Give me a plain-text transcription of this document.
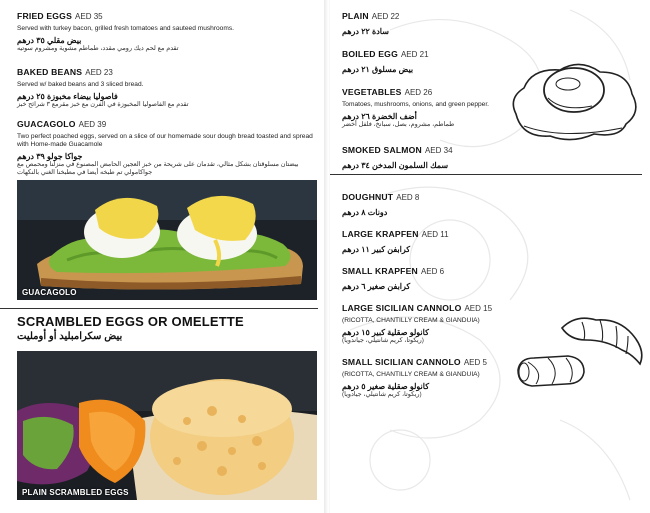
FRIED EGGS AED 35
Served with turkey bacon, grilled fresh tomatoes and sauteed mushrooms.
بيض مقلي ٣٥ درهم
تقدم مع لحم ديك رومي مقدد، طماطم مشوية ومشروم سوتيه
BAKED BEANS AED 23
Served w/ baked beans and 3 sliced bread.
فاصوليا بيضاء مخبوزة ٢٥ درهم
تقدم مع الفاصوليا المخبوزة في الفرن مع خبز مقرمع ٣ شرائح خبز
GUACAGOLO AED 39
Two perfect poached eggs, served on a slice of our homemade sour dough bread toasted and spread with Home-made Guacamole
جواكا جولو ٣٩ درهم
بيضتان مسلوقتان بشكل مثالي، تقدمان على شريحة من خبز العجين الحامض المصنوع في منزلنا ومحمص مع جواكامولي تم طبخه أيضا في مطبخنا الغني بالنكهات
GUACAGOLO
SCRAMBLED EGGS OR OMELETTE
بيض سكرامبليد أو أومليت
PLAIN SCRAMBLED EGGS
PLAIN AED 22
سادة ٢٢ درهم
BOILED EGG AED 21
بيض مسلوق ٢١ درهم
VEGETABLES AED 26
Tomatoes, mushrooms, onions, and green pepper.
أضف الخضرة ٢٦ درهم
طماطم، مشروم، بصل، سبانخ، فلفل أخضر
SMOKED SALMON AED 34
سمك السلمون المدخن ٣٤ درهم
DOUGHNUT AED 8
دونات ٨ درهم
LARGE KRAPFEN AED 11
كرابفن كبير ١١ درهم
SMALL KRAPFEN AED 6
كرابفن صغير ٦ درهم
LARGE SICILIAN CANNOLO AED 15
(RICOTTA, CHANTILLY CREAM & GIANDUIA)
كانولو صقلية كبير ١٥ درهم
(ريكوتا، كريم شانتيلي، جياندويا)
SMALL SICILIAN CANNOLO AED 5
(RICOTTA, CHANTILLY CREAM & GIANDUIA)
كانولو صقلية صغير ٥ درهم
(ريكوتا، كريم شانتيلي، جيادويا)
